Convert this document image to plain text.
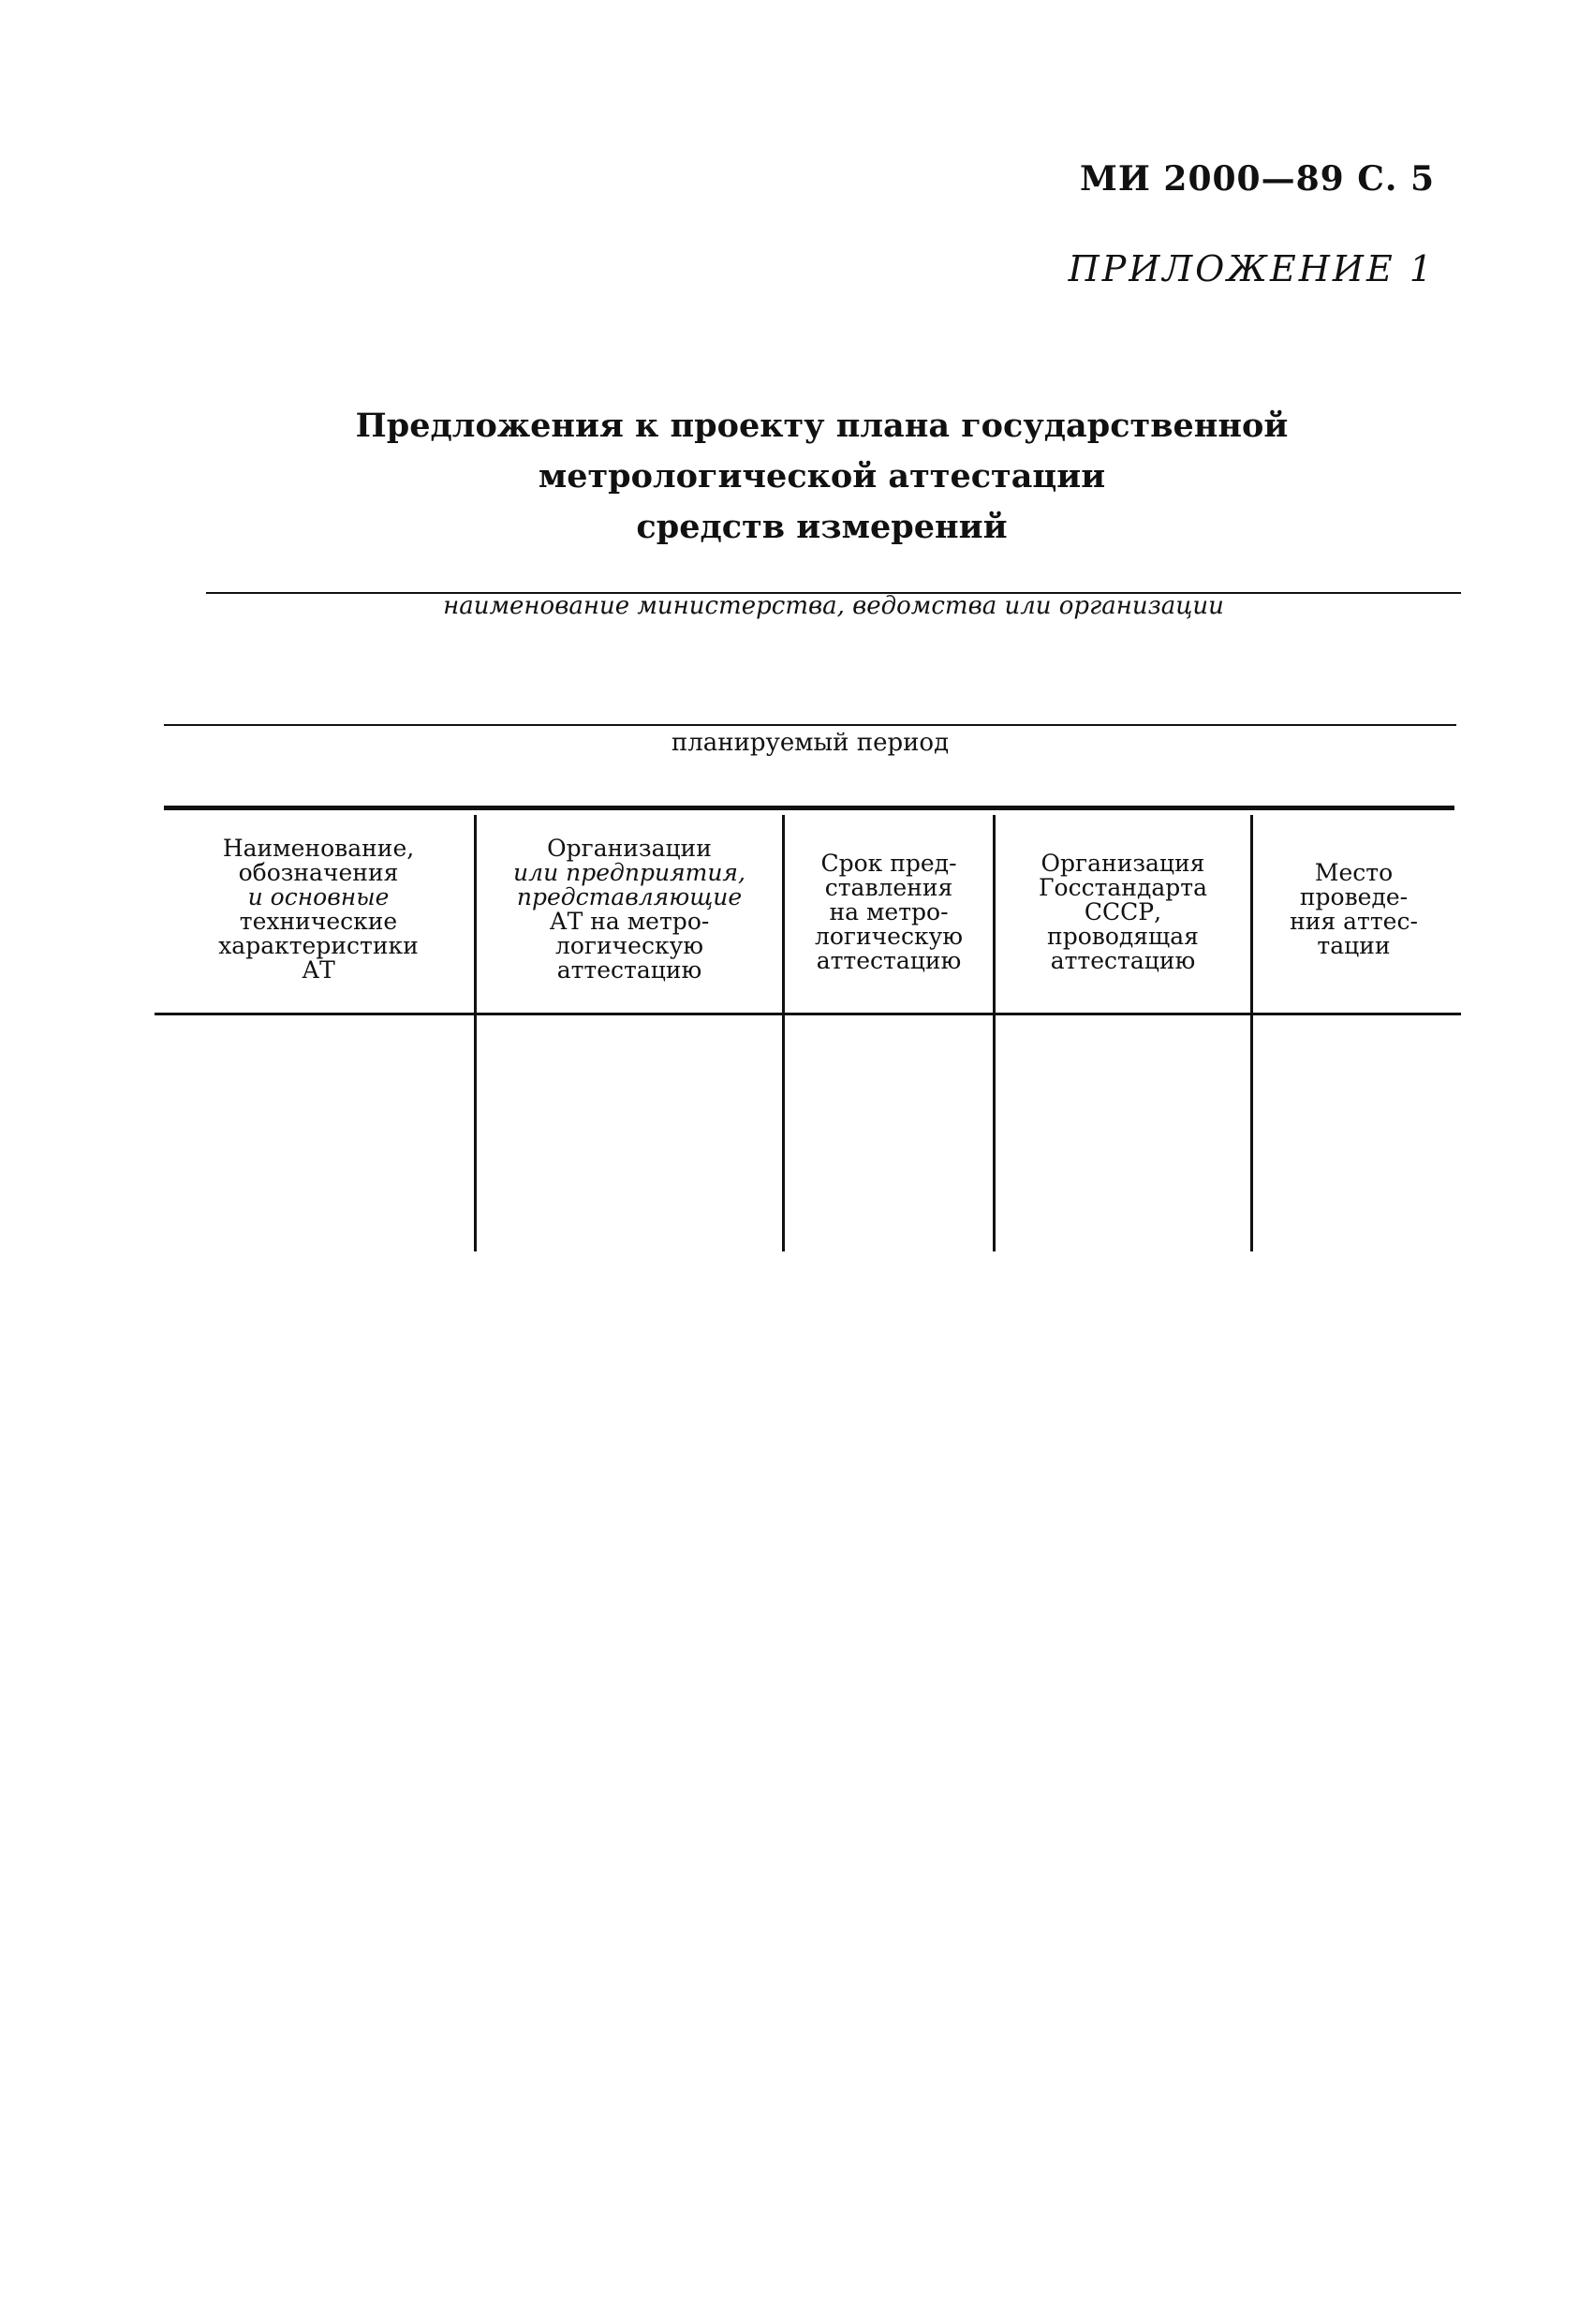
МИ 2000—89 С. 5
ПРИЛОЖЕНИЕ 1
Предложения к проекту плана государственной метрологической аттестации
средств измерений
наименование министерства, ведомства или организации
планируемый период
Наименование,
обозначения
и основные
технические
характеристики
АТ
Организации
или предприятия,
представляющие
АТ на метро-
логическую
аттестацию
Срок пред-
ставления
на метро-
логическую
аттестацию
Организация
Госстандарта
СССР,
проводящая
аттестацию
Место
проведе-
ния аттес-
тации
